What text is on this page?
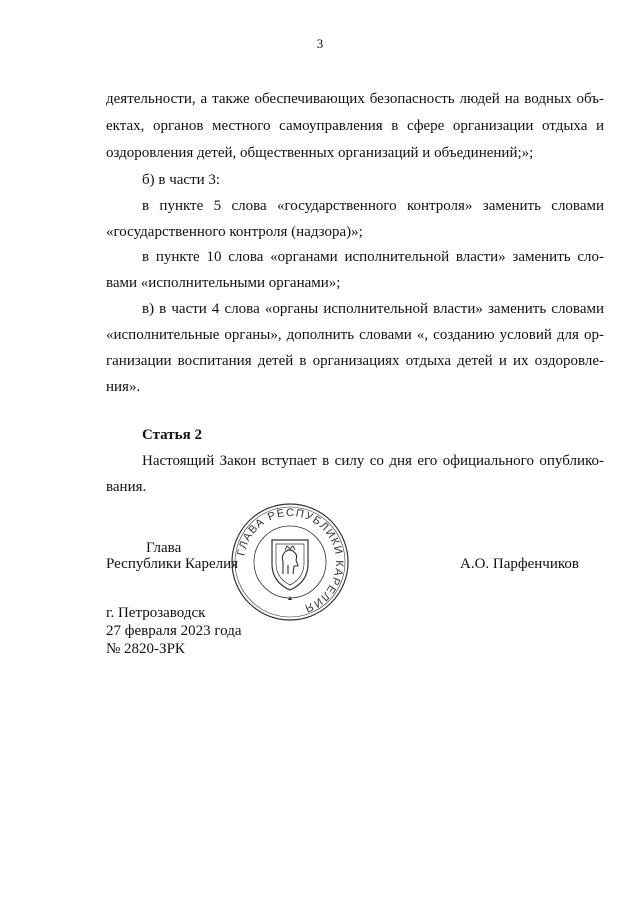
3
деятельности, а также обеспечивающих безопасность людей на водных объ-
ектах, органов местного самоуправления в сфере организации отдыха и
оздоровления детей, общественных организаций и объединений;»;
б) в части 3:
в пункте 5 слова «государственного контроля» заменить словами
«государственного контроля (надзора)»;
в пункте 10 слова «органами исполнительной власти» заменить сло-
вами «исполнительными органами»;
в) в части 4 слова «органы исполнительной власти» заменить словами
«исполнительные органы», дополнить словами «, созданию условий для ор-
ганизации воспитания детей в организациях отдыха детей и их оздоровле-
ния».
Статья 2
Настоящий Закон вступает в силу со дня его официального опублико-
вания.
Глава
Республики Карелия	А.О. Парфенчиков
ГЛАВА РЕСПУБЛИКИ КАРЕЛИЯ
г. Петрозаводск
27 февраля 2023 года
№ 2820-ЗРК
